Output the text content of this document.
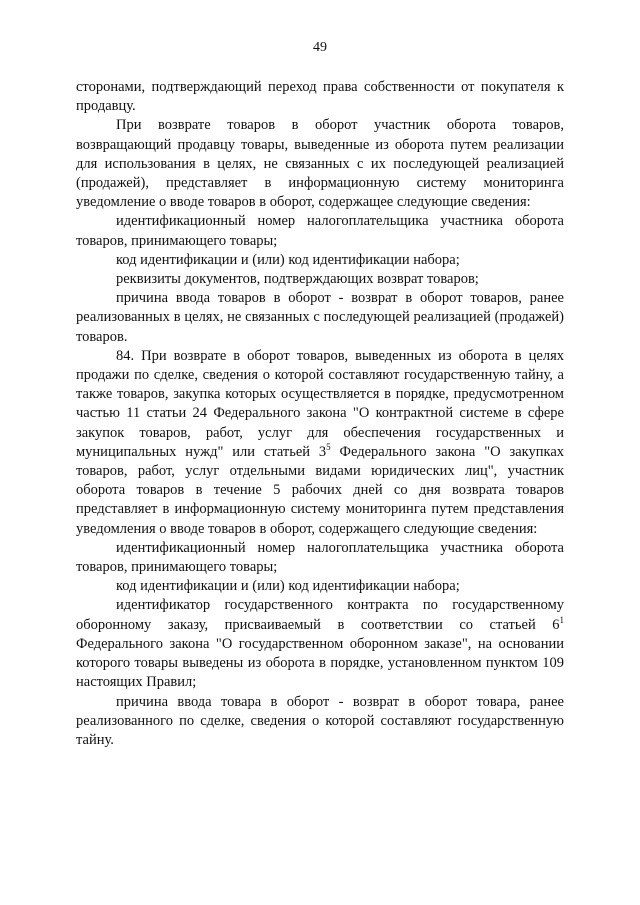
49

сторонами, подтверждающий переход права собственности от покупателя к продавцу.

При возврате товаров в оборот участник оборота товаров, возвращающий продавцу товары, выведенные из оборота путем реализации для использования в целях, не связанных с их последующей реализацией (продажей), представляет в информационную систему мониторинга уведомление о вводе товаров в оборот, содержащее следующие сведения:

идентификационный номер налогоплательщика участника оборота товаров, принимающего товары;

код идентификации и (или) код идентификации набора;

реквизиты документов, подтверждающих возврат товаров;

причина ввода товаров в оборот - возврат в оборот товаров, ранее реализованных в целях, не связанных с последующей реализацией (продажей) товаров.

84. При возврате в оборот товаров, выведенных из оборота в целях продажи по сделке, сведения о которой составляют государственную тайну, а также товаров, закупка которых осуществляется в порядке, предусмотренном частью 11 статьи 24 Федерального закона "О контрактной системе в сфере закупок товаров, работ, услуг для обеспечения государственных и муниципальных нужд" или статьей $3^5$ Федерального закона "О закупках товаров, работ, услуг отдельными видами юридических лиц", участник оборота товаров в течение 5 рабочих дней со дня возврата товаров представляет в информационную систему мониторинга путем представления уведомления о вводе товаров в оборот, содержащего следующие сведения:

идентификационный номер налогоплательщика участника оборота товаров, принимающего товары;

код идентификации и (или) код идентификации набора;

идентификатор государственного контракта по государственному оборонному заказу, присваиваемый в соответствии со статьей $6^1$ Федерального закона "О государственном оборонном заказе", на основании которого товары выведены из оборота в порядке, установленном пунктом 109 настоящих Правил;

причина ввода товара в оборот - возврат в оборот товара, ранее реализованного по сделке, сведения о которой составляют государственную тайну.
